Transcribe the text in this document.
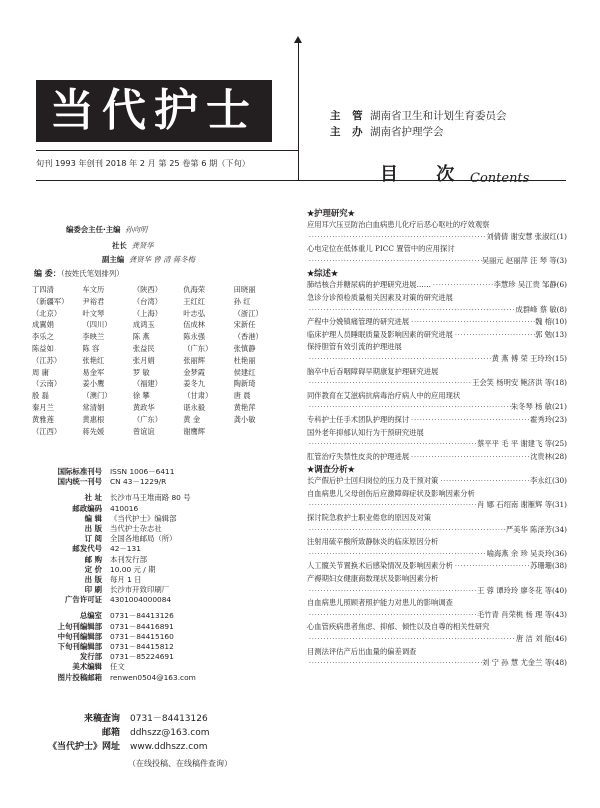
当代护士
旬刊 1993 年创刊 2018 年 2 月 第 25 卷第 6 期（下旬）
主 管 湖南省卫生和计划生育委员会
主 办 湖南省护理学会
目 次 Contents
编委会主任·主编 孙向明
社长 龚贤华
副主编 龚贤华 曾 清 蒋冬梅
编 委：（按姓氏笔划排列）
丁四清	车文历	（陕西）	仇海荣	田晓丽
（新疆军）	尹裕君	（台湾）	王红红	孙 红
（北京）	叶文琴	（上海）	叶志弘	（浙江）
成翼娟	（四川）	成鸿玉	伍成林	宋新任
李乐之	李映兰	陈 燕	陈永强	（香港）
陈益如	陈 容	张益民	（广东）	张慎静
（江苏）	张艳红	张月娟	张丽辉	杜艳丽
周 庸	易金军	罗 敏	金梦霞	侯建红
（云南）	姜小鹰	（福建）	姜冬九	陶新琦
殷 磊	（澳门）	徐 攀	（甘肃）	唐 晨
秦月兰	常清娟	黄政华	谌永毅	黄艳萍
黄雅莲	黄惠根	（广东）	黄 金	龚小敏
（江西）	蒋先媛	曾谊谊	谢鹰辉
国际标准刊号	ISSN 1006－6411
国内统一刊号	CN 43－1229/R
社 址	长沙市马王堆南路 80 号
邮政编码	410016
编 辑	《当代护士》编辑部
出 版	当代护士杂志社
订 阅	全国各地邮局（所）
邮发代号	42－131
邮 购	本刊发行部
定 价	10.00 元 / 期
出 版	每月 1 日
印 刷	长沙市开致印刷厂
广告许可证	4301004000084
总编室	0731－84413126
上旬刊编辑部	0731－84416891
中旬刊编辑部	0731－84415160
下旬刊编辑部	0731－84415812
发行部	0731－85224691
美术编辑	任文
图片投稿邮箱	renwen0504@163.com
来稿查询	0731－84413126
邮箱	ddhszz@163.com
《当代护士》网址	www.ddhszz.com
（在线投稿、在线稿件查询）
★护理研究★
应用耳穴压豆防治白血病患儿化疗后恶心呕吐的疗效观察
·····
刘倩倩 谢安慧 张淑红(1)
心电定位在低体重儿 PICC 置管中的应用探讨
·····
吴丽元 赵丽萍 汪 琴 等(3)
★综述★
肺结核合并糖尿病的护理研究进展…… ·····	李慧珍 吴江贵 邹静(6)
急诊分诊预检质量相关因素及对策的研究进展
·····
成群峰 蔡 敏(8)
产程中分娩镇痛管理的研究进展 ·····	魏 榕(10)
临床护理人员睡眠质量及影响因素的研究进展 ·····	郭 勉(13)
保持胆管有效引流的护理进展
·····
黄 燕 傅 荣 王玲玲(15)
脑卒中后吞咽障碍早期康复护理研究进展
·····
王会笑 杨明安 鲍济洪 等(18)
同伴教育在艾滋病抗病毒治疗病人中的应用现状
·····
朱冬琴 杨 敏(21)
专科护士任手术团队护理的探讨 ·····	霍秀玲(23)
国外老年抑郁认知行为干预研究进展
·····
蔡平平 毛 平 谢建飞 等(25)
肛管治疗失禁性皮炎的护理进展 ·····	沈贵林(28)
★调查分析★
长产假后护士回归岗位的压力及干预对策 ·····	李永红(30)
自血病患儿父母创伤后应激障碍症状及影响因素分析
·····
肖 娜 石绍南 谢雁辉 等(31)
探讨院急救护士职业倦怠的原因及对策
·····
严美华 陈泽芳(34)
注射用硫辛酸所致静脉炎的临床原因分析
·····
喻海燕 余 珍 吴炎玲(36)
人工髋关节置换术后感染情况及影响因素分析 ·····	苏珊珊(38)
产褥期妇女健康商数现状及影响因素分析
·····
王 蓉 谭玲玲 廖冬花 等(40)
自血病患儿照顾者照护能力对患儿的影响调查
·····
毛竹青 肖荣桃 杨 理 等(43)
心血管疾病患者焦虑、抑郁、倾性以及自尊的相关性研究
·····
唐 洁 刘 能(46)
目测法评估产后出血量的偏差调查
·····
刘 宁 孙 慧 尤金兰 等(48)
